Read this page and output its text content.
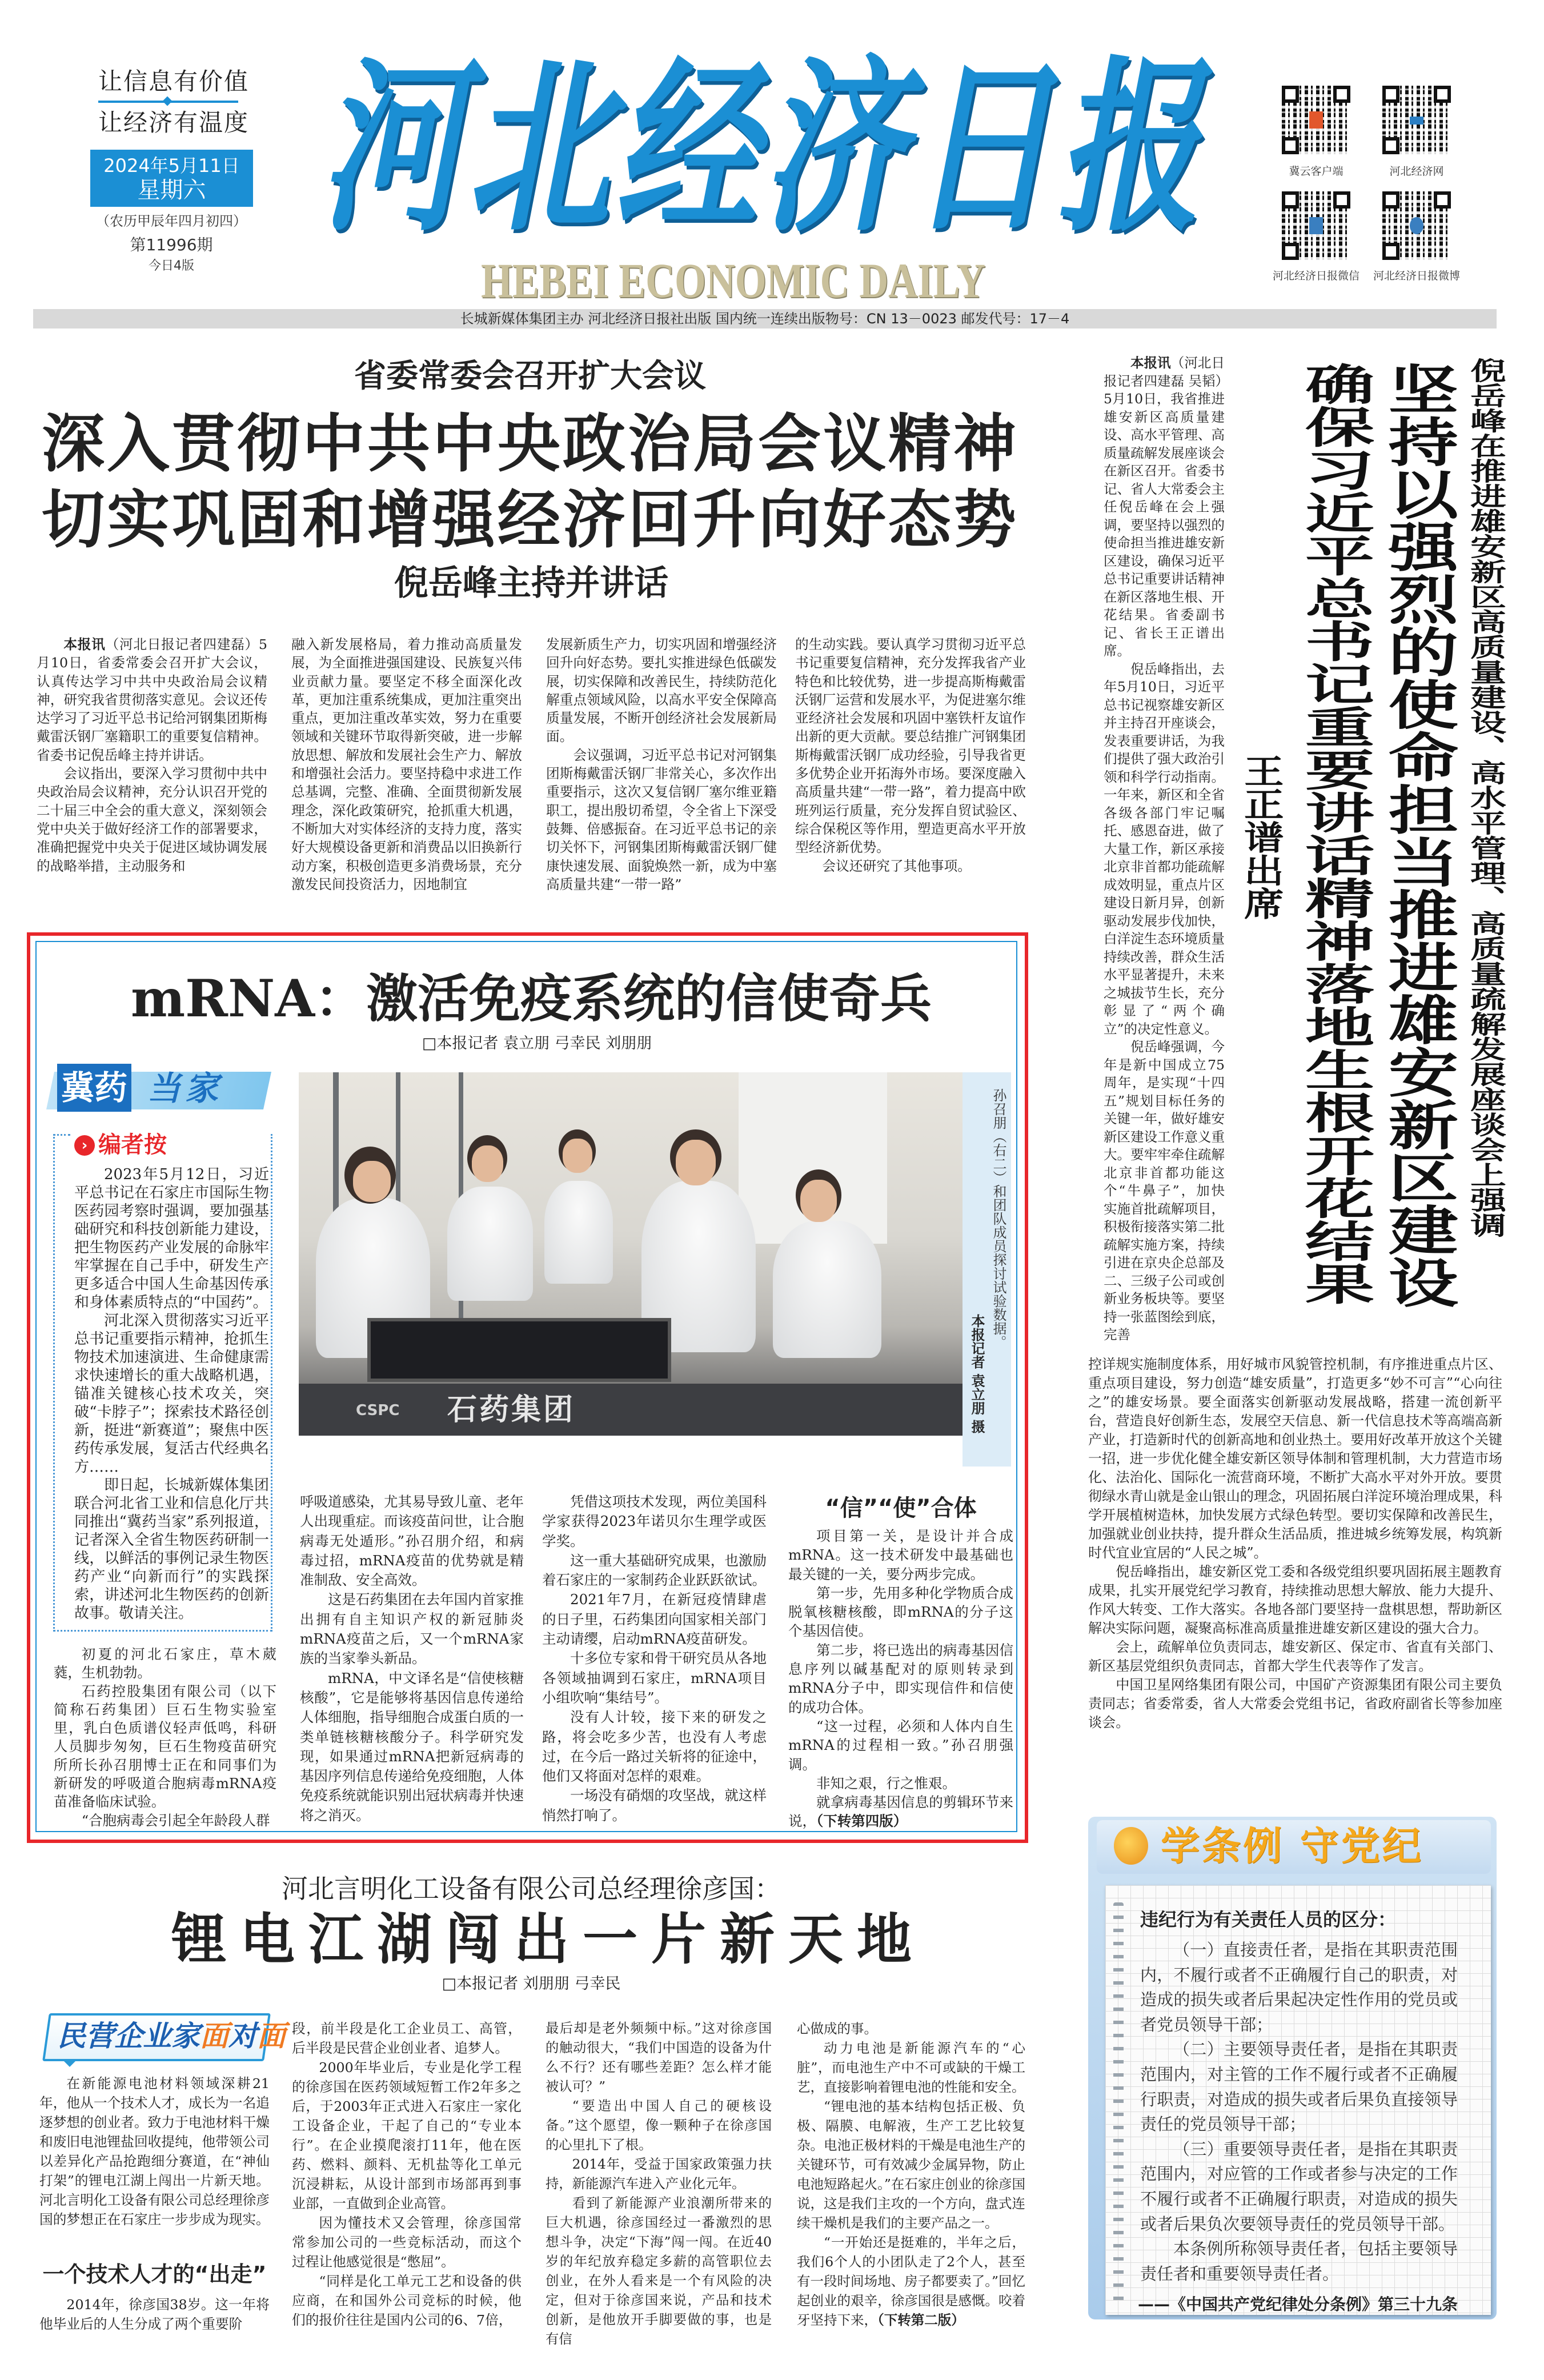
让信息有价值
让经济有温度
2024年5月11日
星期六
（农历甲辰年四月初四）
第11996期
今日4版
河北经济日报
HEBEI ECONOMIC DAILY
冀云客户端	河北经济网
河北经济日报微信	河北经济日报微博
长城新媒体集团主办 河北经济日报社出版 国内统一连续出版物号：CN 13－0023 邮发代号：17－4
省委常委会召开扩大会议
深入贯彻中共中央政治局会议精神
切实巩固和增强经济回升向好态势
倪岳峰主持并讲话

本报讯（河北日报记者四建磊）5月10日，省委常委会召开扩大会议，认真传达学习中共中央政治局会议精神，研究我省贯彻落实意见。会议还传达学习了习近平总书记给河钢集团斯梅戴雷沃钢厂塞籍职工的重要复信精神。省委书记倪岳峰主持并讲话。

会议指出，要深入学习贯彻中共中央政治局会议精神，充分认识召开党的二十届三中全会的重大意义，深刻领会党中央关于做好经济工作的部署要求，准确把握党中央关于促进区域协调发展的战略举措，主动服务和

融入新发展格局，着力推动高质量发展，为全面推进强国建设、民族复兴伟业贡献力量。要坚定不移全面深化改革，更加注重系统集成，更加注重突出重点，更加注重改革实效，努力在重要领域和关键环节取得新突破，进一步解放思想、解放和发展社会生产力、解放和增强社会活力。要坚持稳中求进工作总基调，完整、准确、全面贯彻新发展理念，深化政策研究，抢抓重大机遇，不断加大对实体经济的支持力度，落实好大规模设备更新和消费品以旧换新行动方案，积极创造更多消费场景，充分激发民间投资活力，因地制宜

发展新质生产力，切实巩固和增强经济回升向好态势。要扎实推进绿色低碳发展，切实保障和改善民生，持续防范化解重点领域风险，以高水平安全保障高质量发展，不断开创经济社会发展新局面。

会议强调，习近平总书记对河钢集团斯梅戴雷沃钢厂非常关心，多次作出重要指示，这次又复信钢厂塞尔维亚籍职工，提出殷切希望，令全省上下深受鼓舞、倍感振奋。在习近平总书记的亲切关怀下，河钢集团斯梅戴雷沃钢厂健康快速发展、面貌焕然一新，成为中塞高质量共建“一带一路”

的生动实践。要认真学习贯彻习近平总书记重要复信精神，充分发挥我省产业特色和比较优势，进一步提高斯梅戴雷沃钢厂运营和发展水平，为促进塞尔维亚经济社会发展和巩固中塞铁杆友谊作出新的更大贡献。要总结推广河钢集团斯梅戴雷沃钢厂成功经验，引导我省更多优势企业开拓海外市场。要深度融入高质量共建“一带一路”，着力提高中欧班列运行质量，充分发挥自贸试验区、综合保税区等作用，塑造更高水平开放型经济新优势。

会议还研究了其他事项。

本报讯（河北日报记者四建磊 吴韬）5月10日，我省推进雄安新区高质量建设、高水平管理、高质量疏解发展座谈会在新区召开。省委书记、省人大常委会主任倪岳峰在会上强调，要坚持以强烈的使命担当推进雄安新区建设，确保习近平总书记重要讲话精神在新区落地生根、开花结果。省委副书记、省长王正谱出席。

倪岳峰指出，去年5月10日，习近平总书记视察雄安新区并主持召开座谈会，发表重要讲话，为我们提供了强大政治引领和科学行动指南。一年来，新区和全省各级各部门牢记嘱托、感恩奋进，做了大量工作，新区承接北京非首都功能疏解成效明显，重点片区建设日新月异，创新驱动发展步伐加快，白洋淀生态环境质量持续改善，群众生活水平显著提升，未来之城拔节生长，充分彰显了“两个确立”的决定性意义。

倪岳峰强调，今年是新中国成立75周年，是实现“十四五”规划目标任务的关键一年，做好雄安新区建设工作意义重大。要牢牢牵住疏解北京非首都功能这个“牛鼻子”，加快实施首批疏解项目，积极衔接落实第二批疏解实施方案，持续引进在京央企总部及二、三级子公司或创新业务板块等。要坚持一张蓝图绘到底，完善

控详规实施制度体系，用好城市风貌管控机制，有序推进重点片区、重点项目建设，努力创造“雄安质量”，打造更多“妙不可言”“心向往之”的雄安场景。要全面落实创新驱动发展战略，搭建一流创新平台，营造良好创新生态，发展空天信息、新一代信息技术等高端高新产业，打造新时代的创新高地和创业热土。要用好改革开放这个关键一招，进一步优化健全雄安新区领导体制和管理机制，大力营造市场化、法治化、国际化一流营商环境，不断扩大高水平对外开放。要贯彻绿水青山就是金山银山的理念，巩固拓展白洋淀环境治理成果，科学开展植树造林，加快发展方式绿色转型。要切实保障和改善民生，加强就业创业扶持，提升群众生活品质，推进城乡统筹发展，构筑新时代宜业宜居的“人民之城”。

倪岳峰指出，雄安新区党工委和各级党组织要巩固拓展主题教育成果，扎实开展党纪学习教育，持续推动思想大解放、能力大提升、作风大转变、工作大落实。各地各部门要坚持一盘棋思想，帮助新区解决实际问题，凝聚高标准高质量推进雄安新区建设的强大合力。

会上，疏解单位负责同志，雄安新区、保定市、省直有关部门、新区基层党组织负责同志，首都大学生代表等作了发言。

中国卫星网络集团有限公司，中国矿产资源集团有限公司主要负责同志；省委常委，省人大常委会党组书记，省政府副省长等参加座谈会。

倪岳峰在推进雄安新区高质量建设、高水平管理、高质量疏解发展座谈会上强调
坚持以强烈的使命担当推进雄安新区建设
确保习近平总书记重要讲话精神落地生根开花结果
王正谱出席
mRNA：激活免疫系统的信使奇兵
□本报记者 袁立朋 弓幸民 刘朋朋
冀药 当家
› 编者按

2023年5月12日，习近平总书记在石家庄市国际生物医药园考察时强调，要加强基础研究和科技创新能力建设，把生物医药产业发展的命脉牢牢掌握在自己手中，研发生产更多适合中国人生命基因传承和身体素质特点的“中国药”。

河北深入贯彻落实习近平总书记重要指示精神，抢抓生物技术加速演进、生命健康需求快速增长的重大战略机遇，锚准关键核心技术攻关，突破“卡脖子”；探索技术路径创新，挺进“新赛道”；聚焦中医药传承发展，复活古代经典名方……

即日起，长城新媒体集团联合河北省工业和信息化厅共同推出“冀药当家”系列报道，记者深入全省生物医药研制一线，以鲜活的事例记录生物医药产业“向新而行”的实践探索，讲述河北生物医药的创新故事。敬请关注。

石药集团
CSPC
孙召朋（右二）和团队成员探讨试验数据。
本报记者 袁立朋 摄

初夏的河北石家庄，草木葳蕤，生机勃勃。

石药控股集团有限公司（以下简称石药集团）巨石生物实验室里，乳白色质谱仪轻声低鸣，科研人员脚步匆匆，巨石生物疫苗研究所所长孙召朋博士正在和同事们为新研发的呼吸道合胞病毒mRNA疫苗准备临床试验。

“合胞病毒会引起全年龄段人群

呼吸道感染，尤其易导致儿童、老年人出现重症。而该疫苗问世，让合胞病毒无处遁形。”孙召朋介绍，和病毒过招，mRNA疫苗的优势就是精准制敌、安全高效。

这是石药集团在去年国内首家推出拥有自主知识产权的新冠肺炎mRNA疫苗之后，又一个mRNA家族的当家拳头新品。

mRNA，中文译名是“信使核糖核酸”，它是能够将基因信息传递给人体细胞，指导细胞合成蛋白质的一类单链核糖核酸分子。科学研究发现，如果通过mRNA把新冠病毒的基因序列信息传递给免疫细胞，人体免疫系统就能识别出冠状病毒并快速将之消灭。

凭借这项技术发现，两位美国科学家获得2023年诺贝尔生理学或医学奖。

这一重大基础研究成果，也激励着石家庄的一家制药企业跃跃欲试。

2021年7月，在新冠疫情肆虐的日子里，石药集团向国家相关部门主动请缨，启动mRNA疫苗研发。

十多位专家和骨干研究员从各地各领域抽调到石家庄，mRNA项目小组吹响“集结号”。

没有人计较，接下来的研发之路，将会吃多少苦，也没有人考虑过，在今后一路过关斩将的征途中，他们又将面对怎样的艰难。

一场没有硝烟的攻坚战，就这样悄然打响了。

“信”“使”合体

项目第一关，是设计并合成mRNA。这一技术研发中最基础也最关键的一关，要分两步完成。

第一步，先用多种化学物质合成脱氧核糖核酸，即mRNA的分子这个基因信使。

第二步，将已选出的病毒基因信息序列以碱基配对的原则转录到mRNA分子中，即实现信件和信使的成功合体。

“这一过程，必须和人体内自生mRNA的过程相一致。”孙召朋强调。

非知之艰，行之惟艰。

就拿病毒基因信息的剪辑环节来说，（下转第四版）

河北言明化工设备有限公司总经理徐彦国：
锂电江湖闯出一片新天地
□本报记者 刘朋朋 弓幸民
民营企业家面对面

在新能源电池材料领域深耕21年，他从一个技术人才，成长为一名追逐梦想的创业者。致力于电池材料干燥和废旧电池锂盐回收提纯，他带领公司以差异化产品抢跑细分赛道，在“神仙打架”的锂电江湖上闯出一片新天地。河北言明化工设备有限公司总经理徐彦国的梦想正在石家庄一步步成为现实。

一个技术人才的“出走”

2014年，徐彦国38岁。这一年将他毕业后的人生分成了两个重要阶

段，前半段是化工企业员工、高管，后半段是民营企业创业者、追梦人。

2000年毕业后，专业是化学工程的徐彦国在医药领域短暂工作2年多之后，于2003年正式进入石家庄一家化工设备企业，干起了自己的“专业本行”。在企业摸爬滚打11年，他在医药、燃料、颜料、无机盐等化工单元沉浸耕耘，从设计部到市场部再到事业部，一直做到企业高管。

因为懂技术又会管理，徐彦国常常参加公司的一些竞标活动，而这个过程让他感觉很是“憋屈”。

“同样是化工单元工艺和设备的供应商，在和国外公司竞标的时候，他们的报价往往是国内公司的6、7倍，

最后却是老外频频中标。”这对徐彦国的触动很大，“我们中国造的设备为什么不行？还有哪些差距？怎么样才能被认可？”

“要造出中国人自己的硬核设备。”这个愿望，像一颗种子在徐彦国的心里扎下了根。

2014年，受益于国家政策强力扶持，新能源汽车进入产业化元年。

看到了新能源产业浪潮所带来的巨大机遇，徐彦国经过一番激烈的思想斗争，决定“下海”闯一闯。在近40岁的年纪放弃稳定多薪的高管职位去创业，在外人看来是一个有风险的决定，但对于徐彦国来说，产品和技术创新，是他放开手脚要做的事，也是有信

心做成的事。

动力电池是新能源汽车的“心脏”，而电池生产中不可或缺的干燥工艺，直接影响着锂电池的性能和安全。

“锂电池的基本结构包括正极、负极、隔膜、电解液，生产工艺比较复杂。电池正极材料的干燥是电池生产的关键环节，可有效减少金属异物，防止电池短路起火。”在石家庄创业的徐彦国说，这是我们主攻的一个方向，盘式连续干燥机是我们的主要产品之一。

“一开始还是挺难的，半年之后，我们6个人的小团队走了2个人，甚至有一段时间场地、房子都要卖了。”回忆起创业的艰辛，徐彦国很是感慨。咬着牙坚持下来，（下转第二版）

学条例 守党纪
违纪行为有关责任人员的区分：

（一）直接责任者，是指在其职责范围内，不履行或者不正确履行自己的职责，对造成的损失或者后果起决定性作用的党员或者党员领导干部；

（二）主要领导责任者，是指在其职责范围内，对主管的工作不履行或者不正确履行职责，对造成的损失或者后果负直接领导责任的党员领导干部；

（三）重要领导责任者，是指在其职责范围内，对应管的工作或者参与决定的工作不履行或者不正确履行职责，对造成的损失或者后果负次要领导责任的党员领导干部。

本条例所称领导责任者，包括主要领导责任者和重要领导责任者。

——《中国共产党纪律处分条例》第三十九条
